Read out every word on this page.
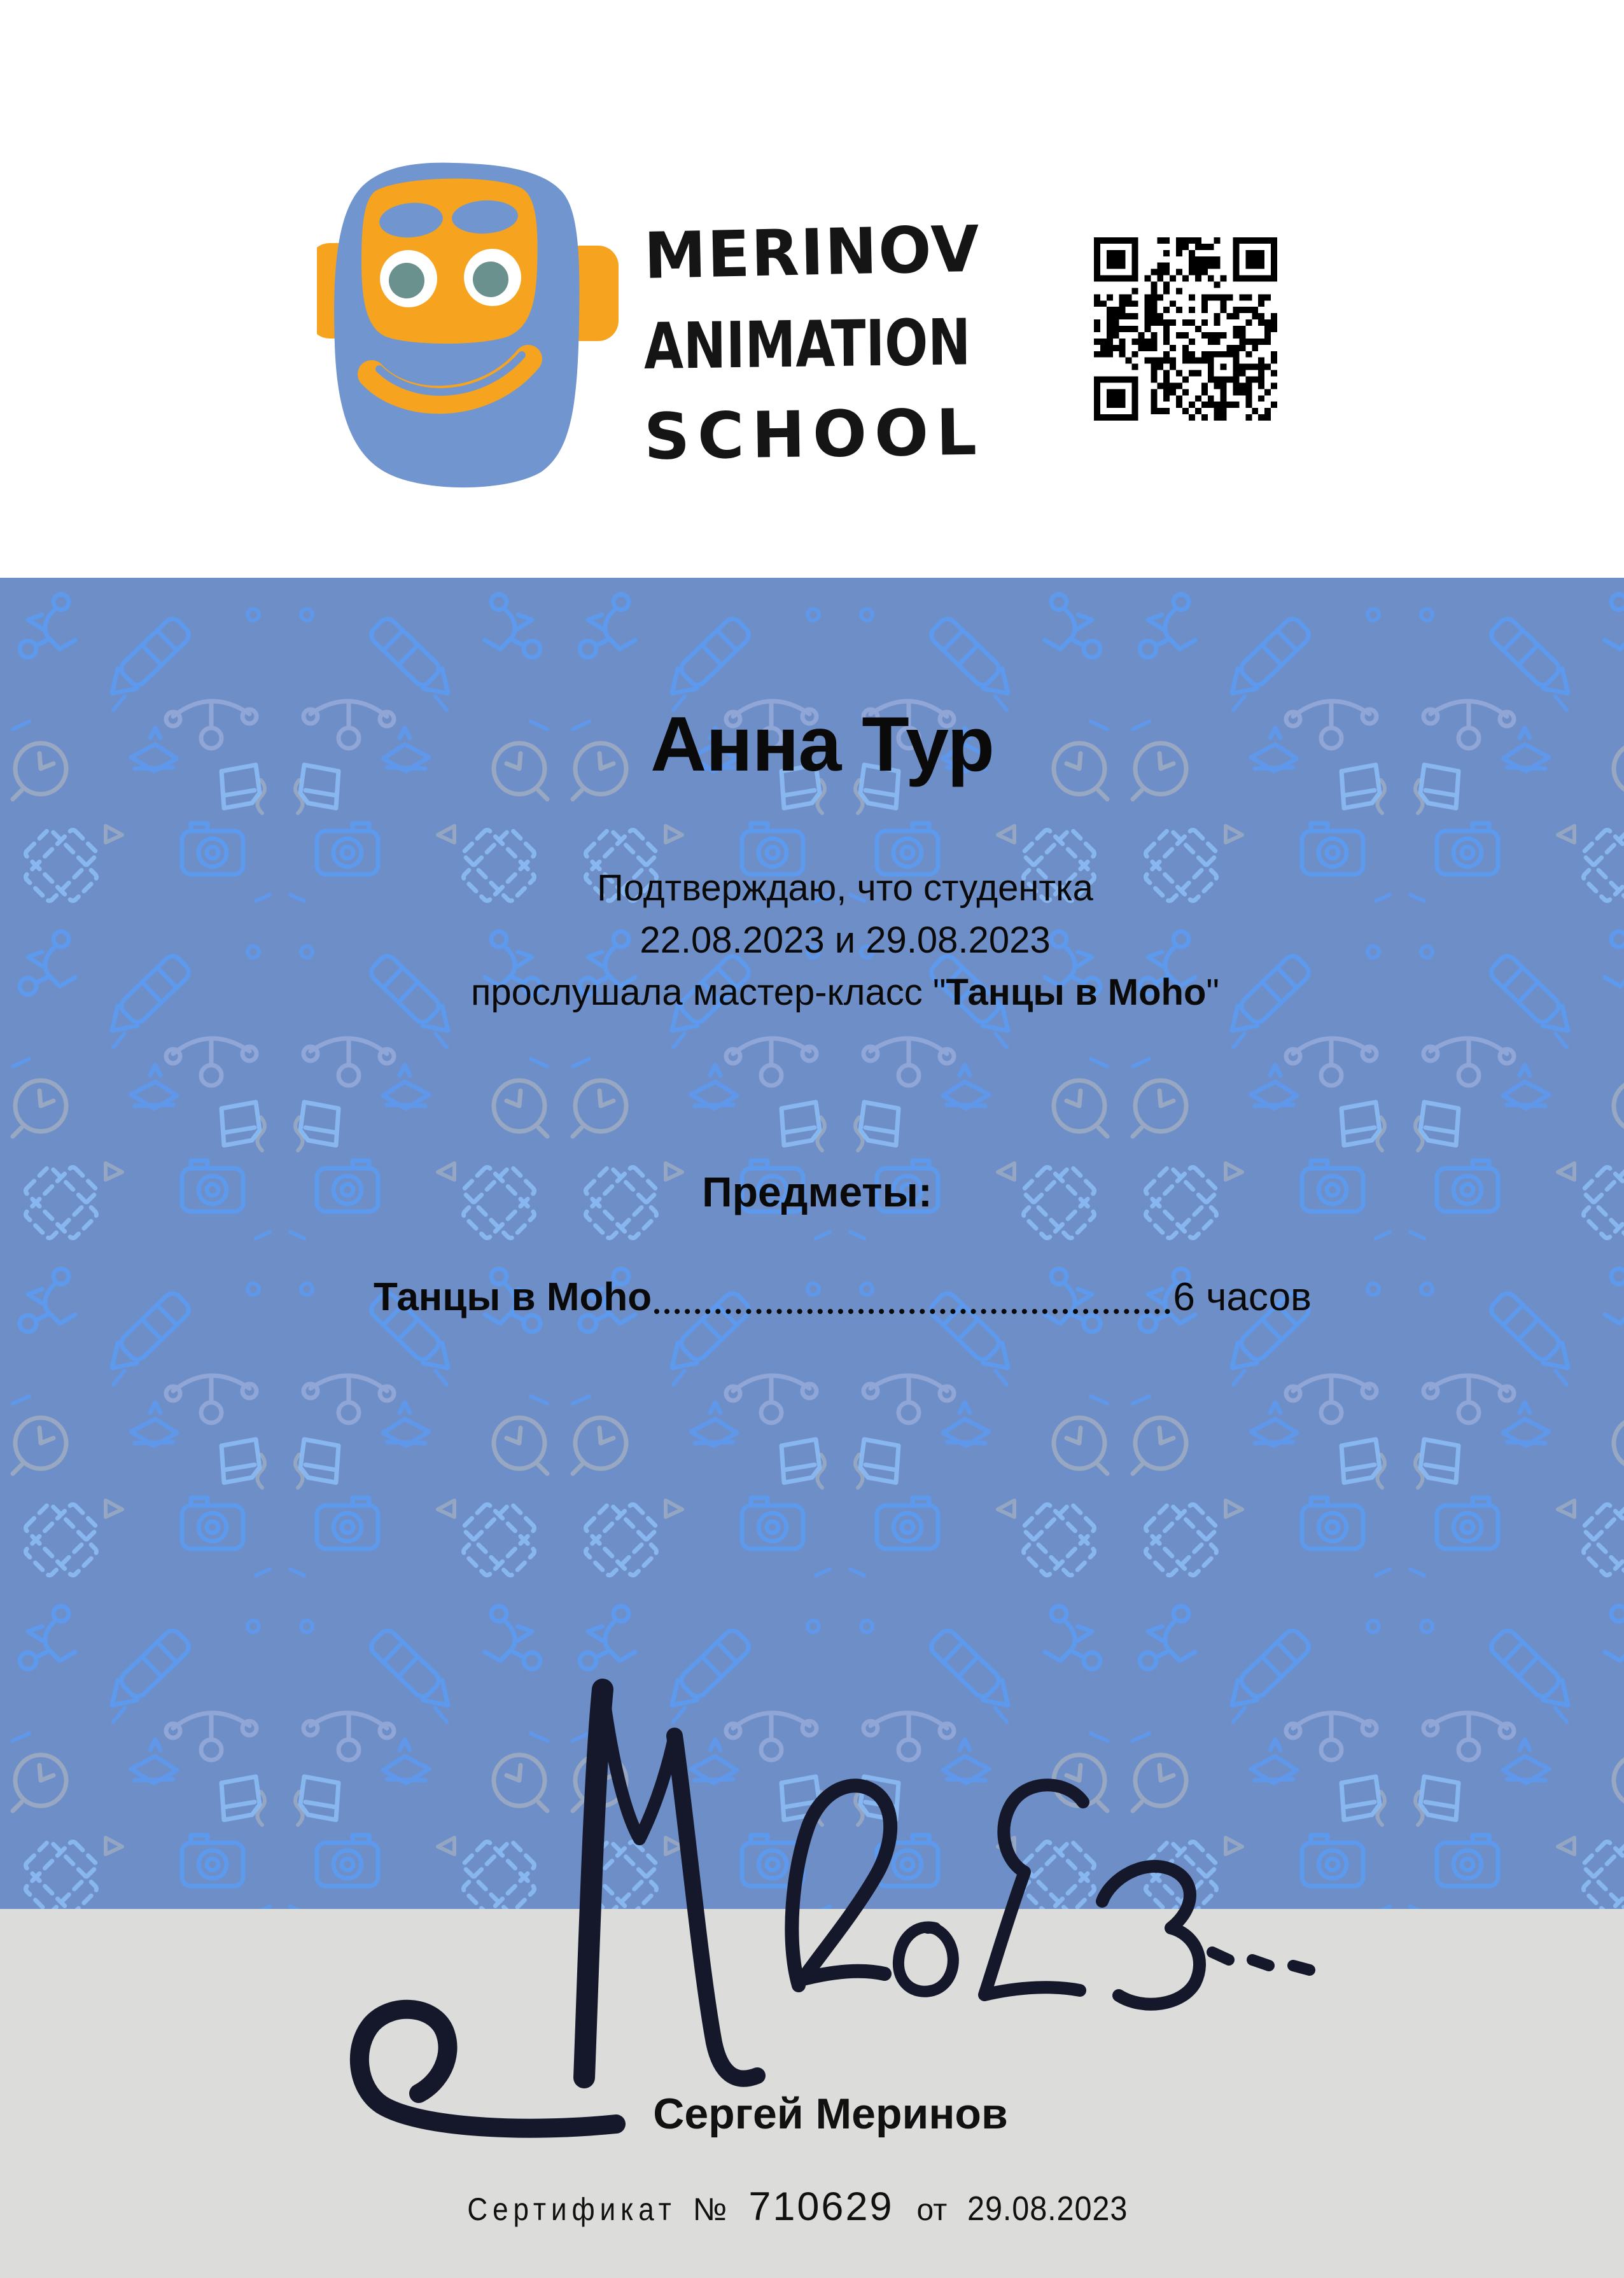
MERINOV
ANIMATION
SCHOOL
Анна Тур
Подтверждаю, что студентка
22.08.2023 и 29.08.2023
прослушала мастер-класс "Танцы в Moho"
Предметы:
Танцы в Moho	6 часов
Сергей Меринов
Сертификат № 710629 от 29.08.2023
